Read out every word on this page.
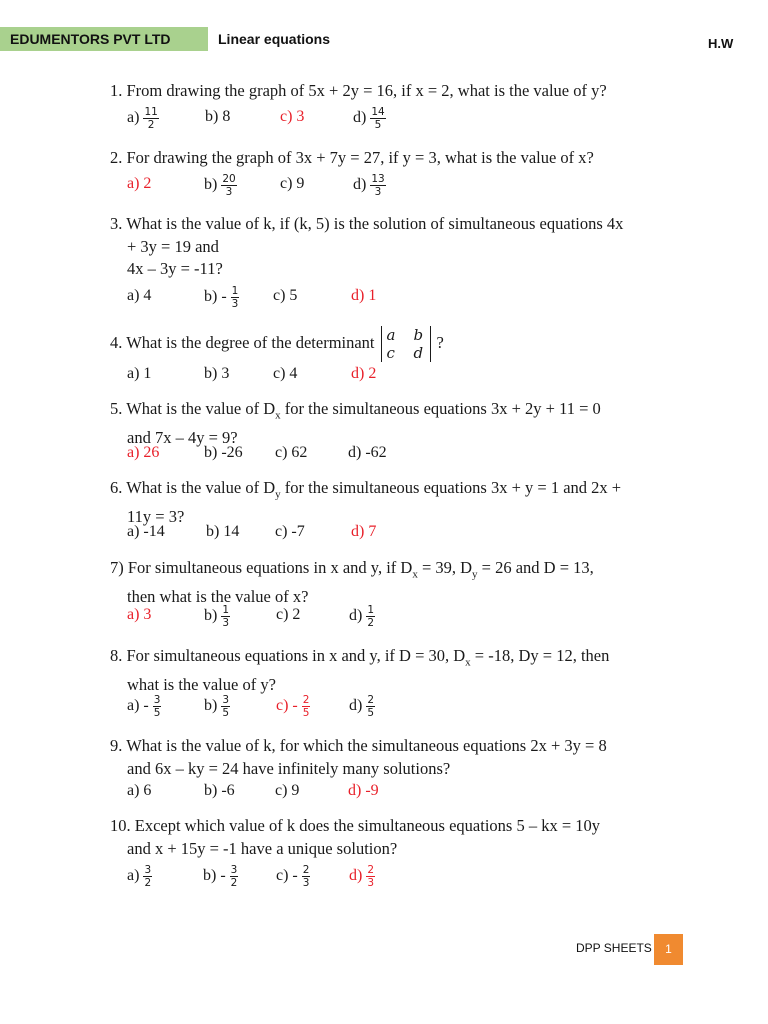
EDUMENTORS PVT LTD	Linear equations	H.W
1. From drawing the graph of 5x + 2y = 16, if x = 2, what is the value of y?
$a) \frac{11}{2}$	b) 8	c) 3	$d) \frac{14}{5}$
2. For drawing the graph of 3x + 7y = 27, if y = 3, what is the value of x?
a) 2	$b) \frac{20}{3}$	c) 9	$d) \frac{13}{3}$
3. What is the value of k, if (k, 5) is the solution of simultaneous equations 4x
+ 3y = 19 and
4x – 3y = -11?
a) 4	$b) - \frac{1}{3} c$) 5	d) 1
4. What is the degree of the determinant a b
c d
?
a) 1	b) 3	c) 4	d) 2
5. What is the value of $D_x$ for the simultaneous equations 3x + 2y + 11 = 0
and 7x – 4y = 9?
a) 26	b) -26 c) 62	d) -62
6. What is the value of $D_y$ for the simultaneous equations 3x + y = 1 and 2x +
11y = 3?
a) -14	b) 14 c) -7	d) 7
7) For simultaneous equations in x and y, if $D_x = 39$, $D_y = 26$ and D = 13,
then what is the value of x?
a) 3	$b) \frac{1}{3}$	c) 2	$d) \frac{1}{2}$
8. For simultaneous equations in x and y, if D = 30, $D_x = -18$, Dy = 12, then
what is the value of y?
$a) - \frac{3}{5}$	$b) \frac{3}{5}$	$c) - \frac{2}{5} d) \frac{2}{5}$
9. What is the value of k, for which the simultaneous equations 2x + 3y = 8
and 6x – ky = 24 have infinitely many solutions?
a) 6	b) -6	c) 9	d) -9
10. Except which value of k does the simultaneous equations 5 – kx = 10y
and x + 15y = -1 have a unique solution?
$a) \frac{3}{2}$	$b) - \frac{3}{2} c) - \frac{2}{3} d) \frac{2}{3}$
DPP SHEETS	1
